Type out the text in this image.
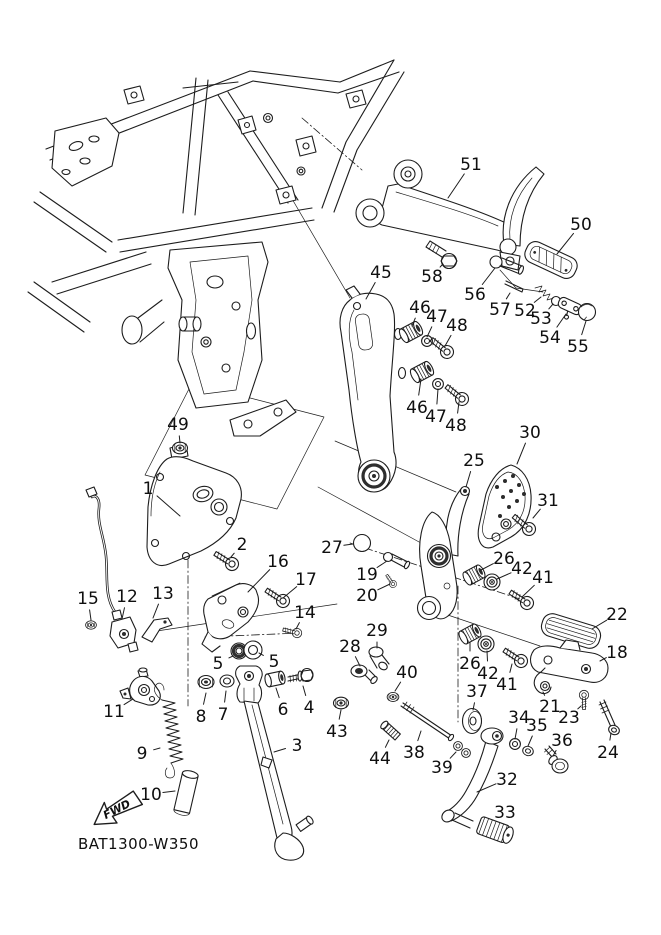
FWD
BAT1300-W350
1
2
3
4
5	5
6
7
8
9
10
11
12 13
14
15
16
17
18
19
20
21
22
23
24
25
26
26
27
28
29
30
31
32
33
34
35
36
37
38
39
40
41
41
42
42
43
44
45
46
46
47
47
48
48
49
50
51
52
53
54 55
56
57
58
